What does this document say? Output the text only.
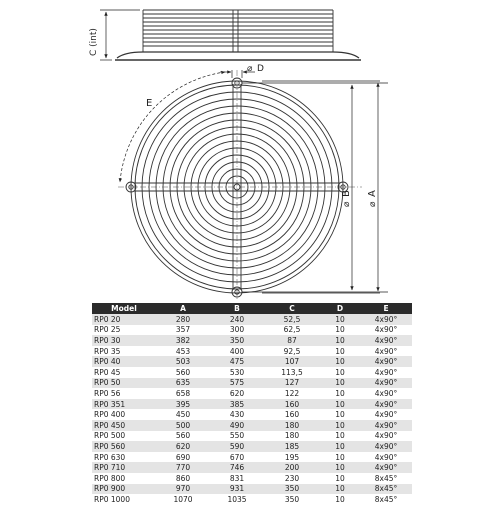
C (int)
⌀ D
E
⌀
B
⌀
A
Model	A	B	C	D	E
RP0 20	280	240	52,5	10	4x90°
RP0 25	357	300	62,5	10	4x90°
RP0 30	382	350	87	10	4x90°
RP0 35	453	400	92,5	10	4x90°
RP0 40	503	475	107	10	4x90°
RP0 45	560	530	113,5	10	4x90°
RP0 50	635	575	127	10	4x90°
RP0 56	658	620	122	10	4x90°
RP0 351	395	385	160	10	4x90°
RP0 400	450	430	160	10	4x90°
RP0 450	500	490	180	10	4x90°
RP0 500	560	550	180	10	4x90°
RP0 560	620	590	185	10	4x90°
RP0 630	690	670	195	10	4x90°
RP0 710	770	746	200	10	4x90°
RP0 800	860	831	230	10	8x45°
RP0 900	970	931	350	10	8x45°
RP0 1000	1070	1035	350	10	8x45°
